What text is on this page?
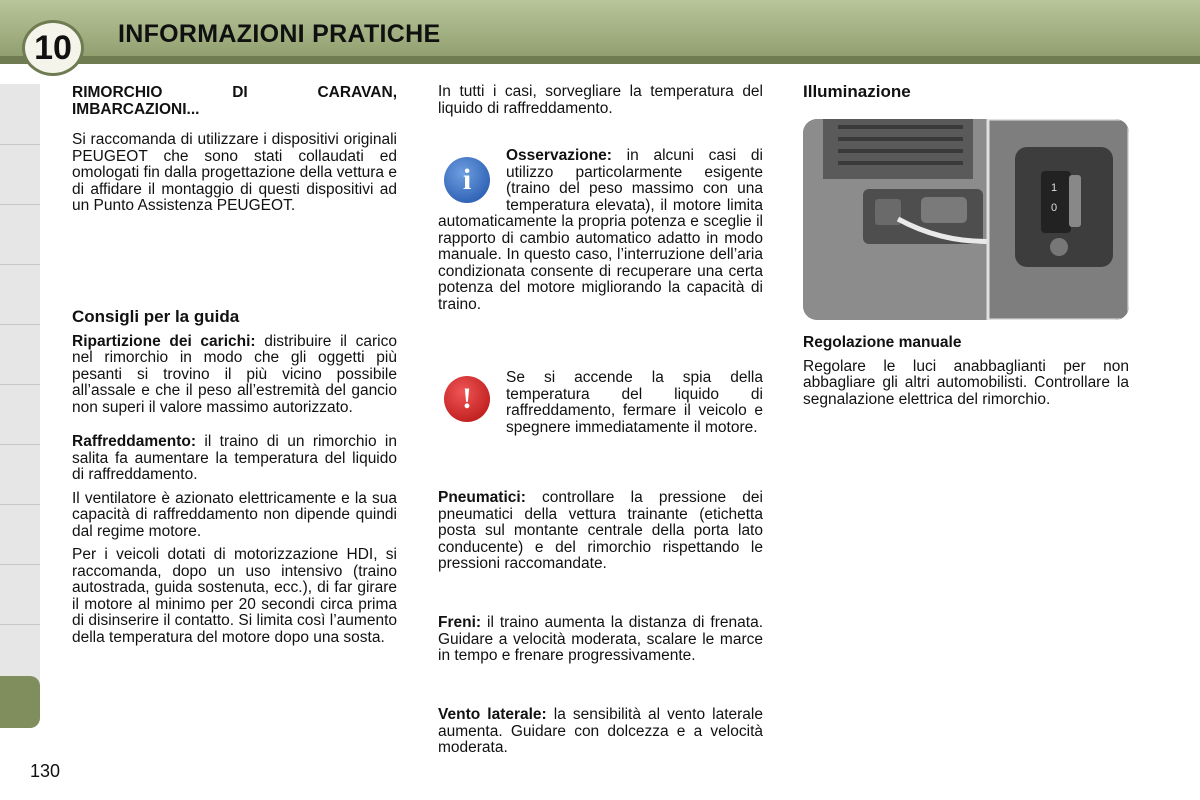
10 INFORMAZIONI PRATICHE

RIMORCHIO DI CARAVAN, IMBARCAZIONI...

Si raccomanda di utilizzare i dispositivi originali PEUGEOT che sono stati collaudati ed omologati fin dalla progettazione della vettura e di affidare il montaggio di questi dispositivi ad un Punto Assistenza PEUGEOT.

Consigli per la guida

Ripartizione dei carichi: distribuire il carico nel rimorchio in modo che gli oggetti più pesanti si trovino il più vicino possibile all’assale e che il peso all’estremità del gancio non superi il valore massimo autorizzato.

Raffreddamento: il traino di un rimorchio in salita fa aumentare la temperatura del liquido di raffreddamento.

Il ventilatore è azionato elettricamente e la sua capacità di raffreddamento non dipende quindi dal regime motore.

Per i veicoli dotati di motorizzazione HDI, si raccomanda, dopo un uso intensivo (traino autostrada, guida sostenuta, ecc.), di far girare il motore al minimo per 20 secondi circa prima di disinserire il contatto. Si limita così l’aumento della temperatura del motore dopo una sosta.

In tutti i casi, sorvegliare la temperatura del liquido di raffreddamento.

i

Osservazione: in alcuni casi di utilizzo particolarmente esigente (traino del peso massimo con una temperatura elevata), il motore limita automaticamente la propria potenza e sceglie il rapporto di cambio automatico adatto in modo manuale. In questo caso, l’interruzione dell’aria condizionata consente di recuperare una certa potenza del motore migliorando la capacità di traino.

!

Se si accende la spia della temperatura del liquido di raffreddamento, fermare il veicolo e spegnere immediatamente il motore.

Pneumatici: controllare la pressione dei pneumatici della vettura trainante (etichetta posta sul montante centrale della porta lato conducente) e del rimorchio rispettando le pressioni raccomandate.

Freni: il traino aumenta la distanza di frenata. Guidare a velocità moderata, scalare le marce in tempo e frenare progressivamente.

Vento laterale: la sensibilità al vento laterale aumenta. Guidare con dolcezza e a velocità moderata.

Illuminazione

1
0

Regolazione manuale

Regolare le luci anabbaglianti per non abbagliare gli altri automobilisti. Controllare la segnalazione elettrica del rimorchio.

130
